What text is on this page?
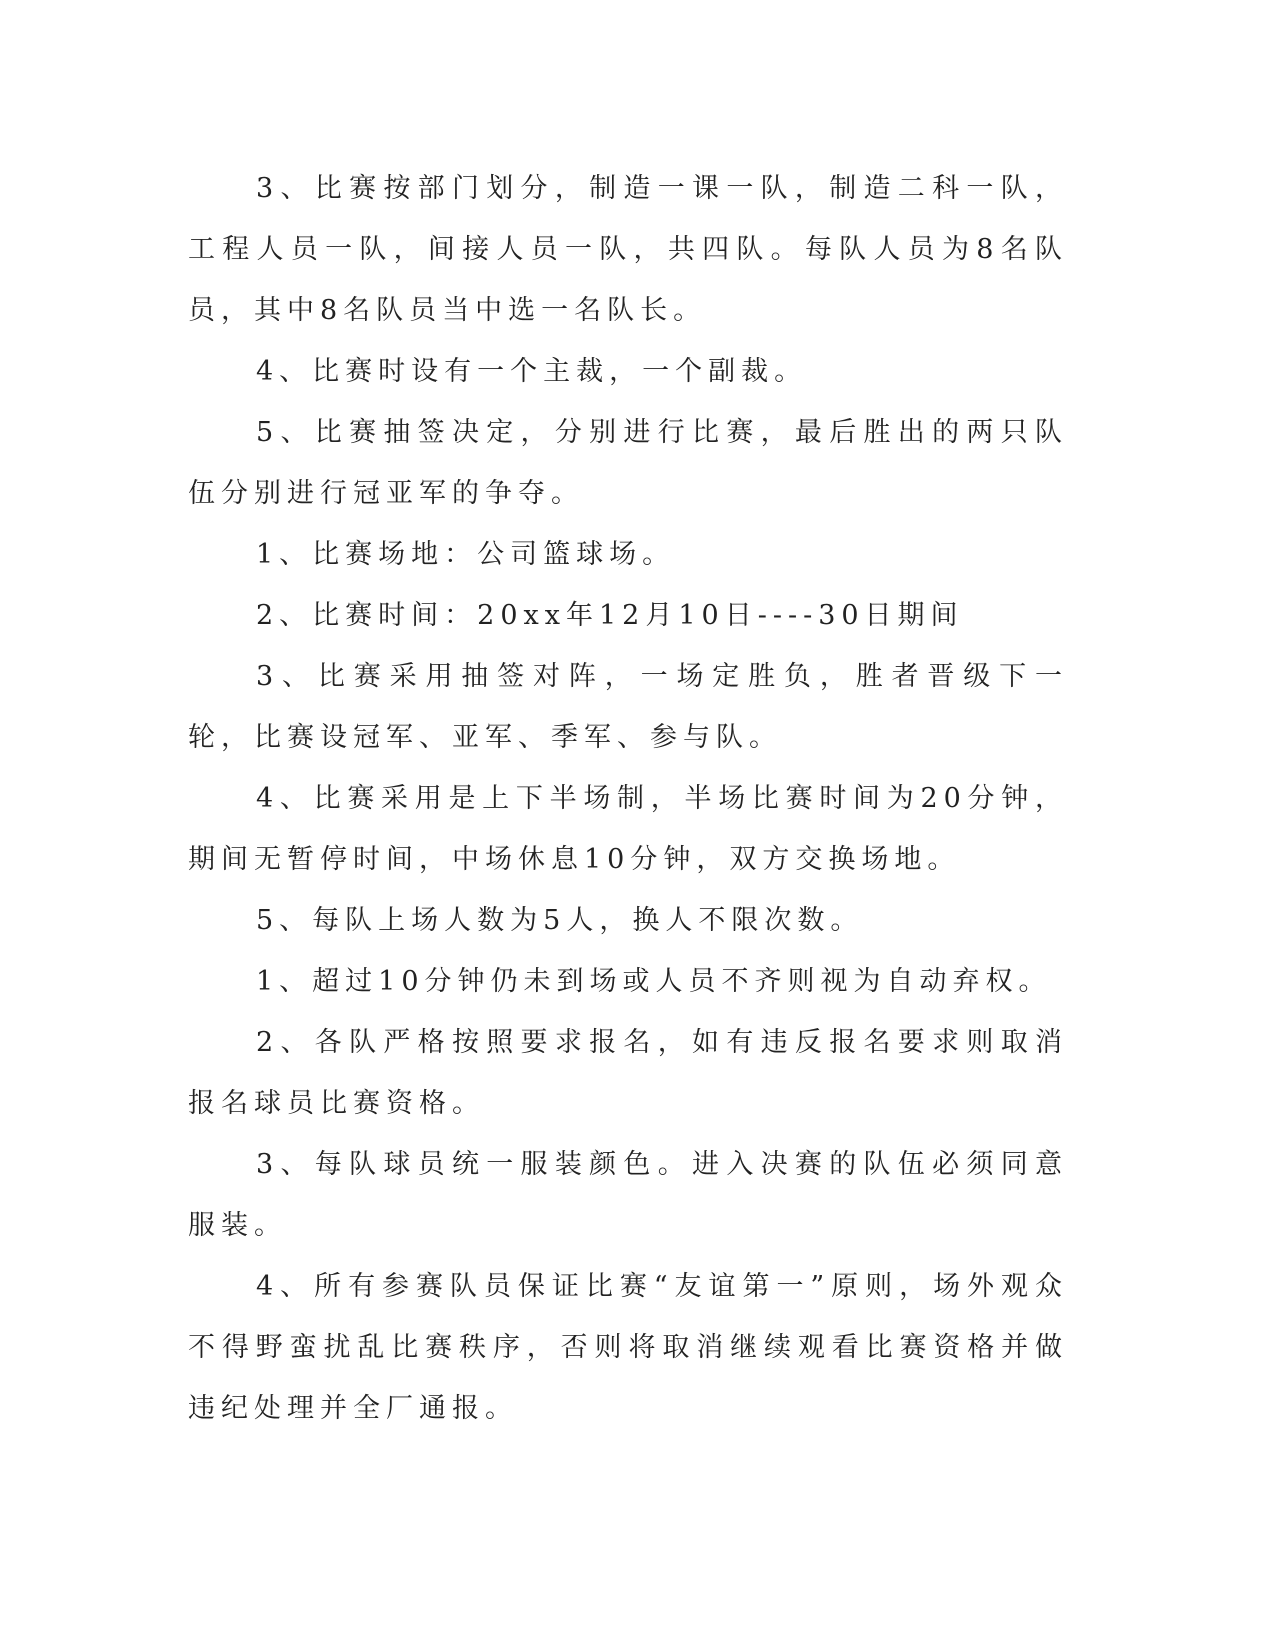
3、比赛按部门划分，制造一课一队，制造二科一队，工程人员一队，间接人员一队，共四队。每队人员为8名队员，其中8名队员当中选一名队长。

4、比赛时设有一个主裁，一个副裁。

5、比赛抽签决定，分别进行比赛，最后胜出的两只队伍分别进行冠亚军的争夺。

1、比赛场地：公司篮球场。

2、比赛时间：20xx年12月10日----30日期间

3、比赛采用抽签对阵，一场定胜负，胜者晋级下一轮，比赛设冠军、亚军、季军、参与队。

4、比赛采用是上下半场制，半场比赛时间为20分钟，期间无暂停时间，中场休息10分钟，双方交换场地。

5、每队上场人数为5人，换人不限次数。

1、超过10分钟仍未到场或人员不齐则视为自动弃权。

2、各队严格按照要求报名，如有违反报名要求则取消报名球员比赛资格。

3、每队球员统一服装颜色。进入决赛的队伍必须同意服装。

4、所有参赛队员保证比赛“友谊第一”原则，场外观众不得野蛮扰乱比赛秩序，否则将取消继续观看比赛资格并做违纪处理并全厂通报。
